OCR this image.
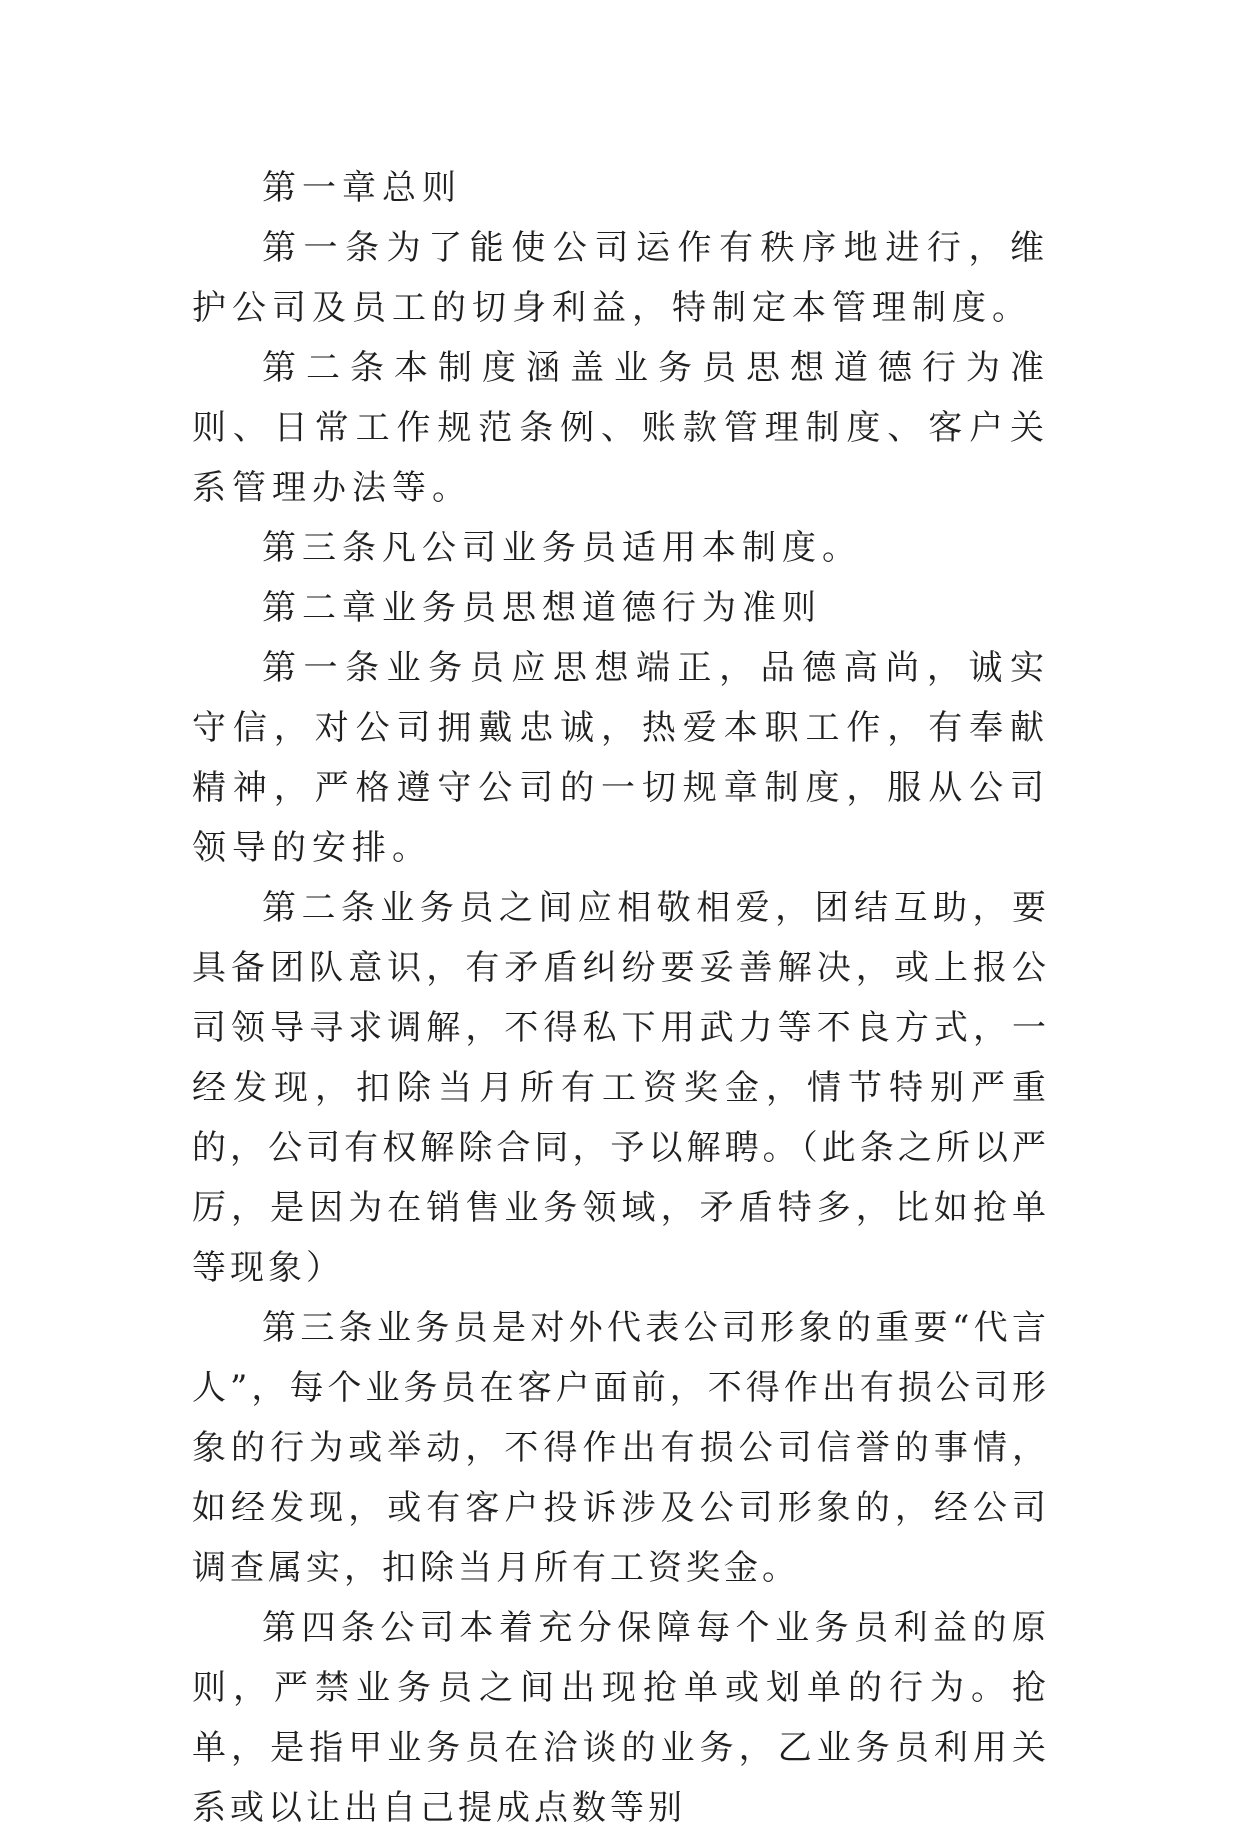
第一章总则

第一条为了能使公司运作有秩序地进行，维护公司及员工的切身利益，特制定本管理制度。

第二条本制度涵盖业务员思想道德行为准则、日常工作规范条例、账款管理制度、客户关系管理办法等。

第三条凡公司业务员适用本制度。

第二章业务员思想道德行为准则

第一条业务员应思想端正，品德高尚，诚实守信，对公司拥戴忠诚，热爱本职工作，有奉献精神，严格遵守公司的一切规章制度，服从公司领导的安排。

第二条业务员之间应相敬相爱，团结互助，要具备团队意识，有矛盾纠纷要妥善解决，或上报公司领导寻求调解，不得私下用武力等不良方式，一经发现，扣除当月所有工资奖金，情节特别严重的，公司有权解除合同，予以解聘。（此条之所以严厉，是因为在销售业务领域，矛盾特多，比如抢单等现象）

第三条业务员是对外代表公司形象的重要“代言人”，每个业务员在客户面前，不得作出有损公司形象的行为或举动，不得作出有损公司信誉的事情，如经发现，或有客户投诉涉及公司形象的，经公司调查属实，扣除当月所有工资奖金。

第四条公司本着充分保障每个业务员利益的原则，严禁业务员之间出现抢单或划单的行为。抢单，是指甲业务员在洽谈的业务，乙业务员利用关系或以让出自己提成点数等别
